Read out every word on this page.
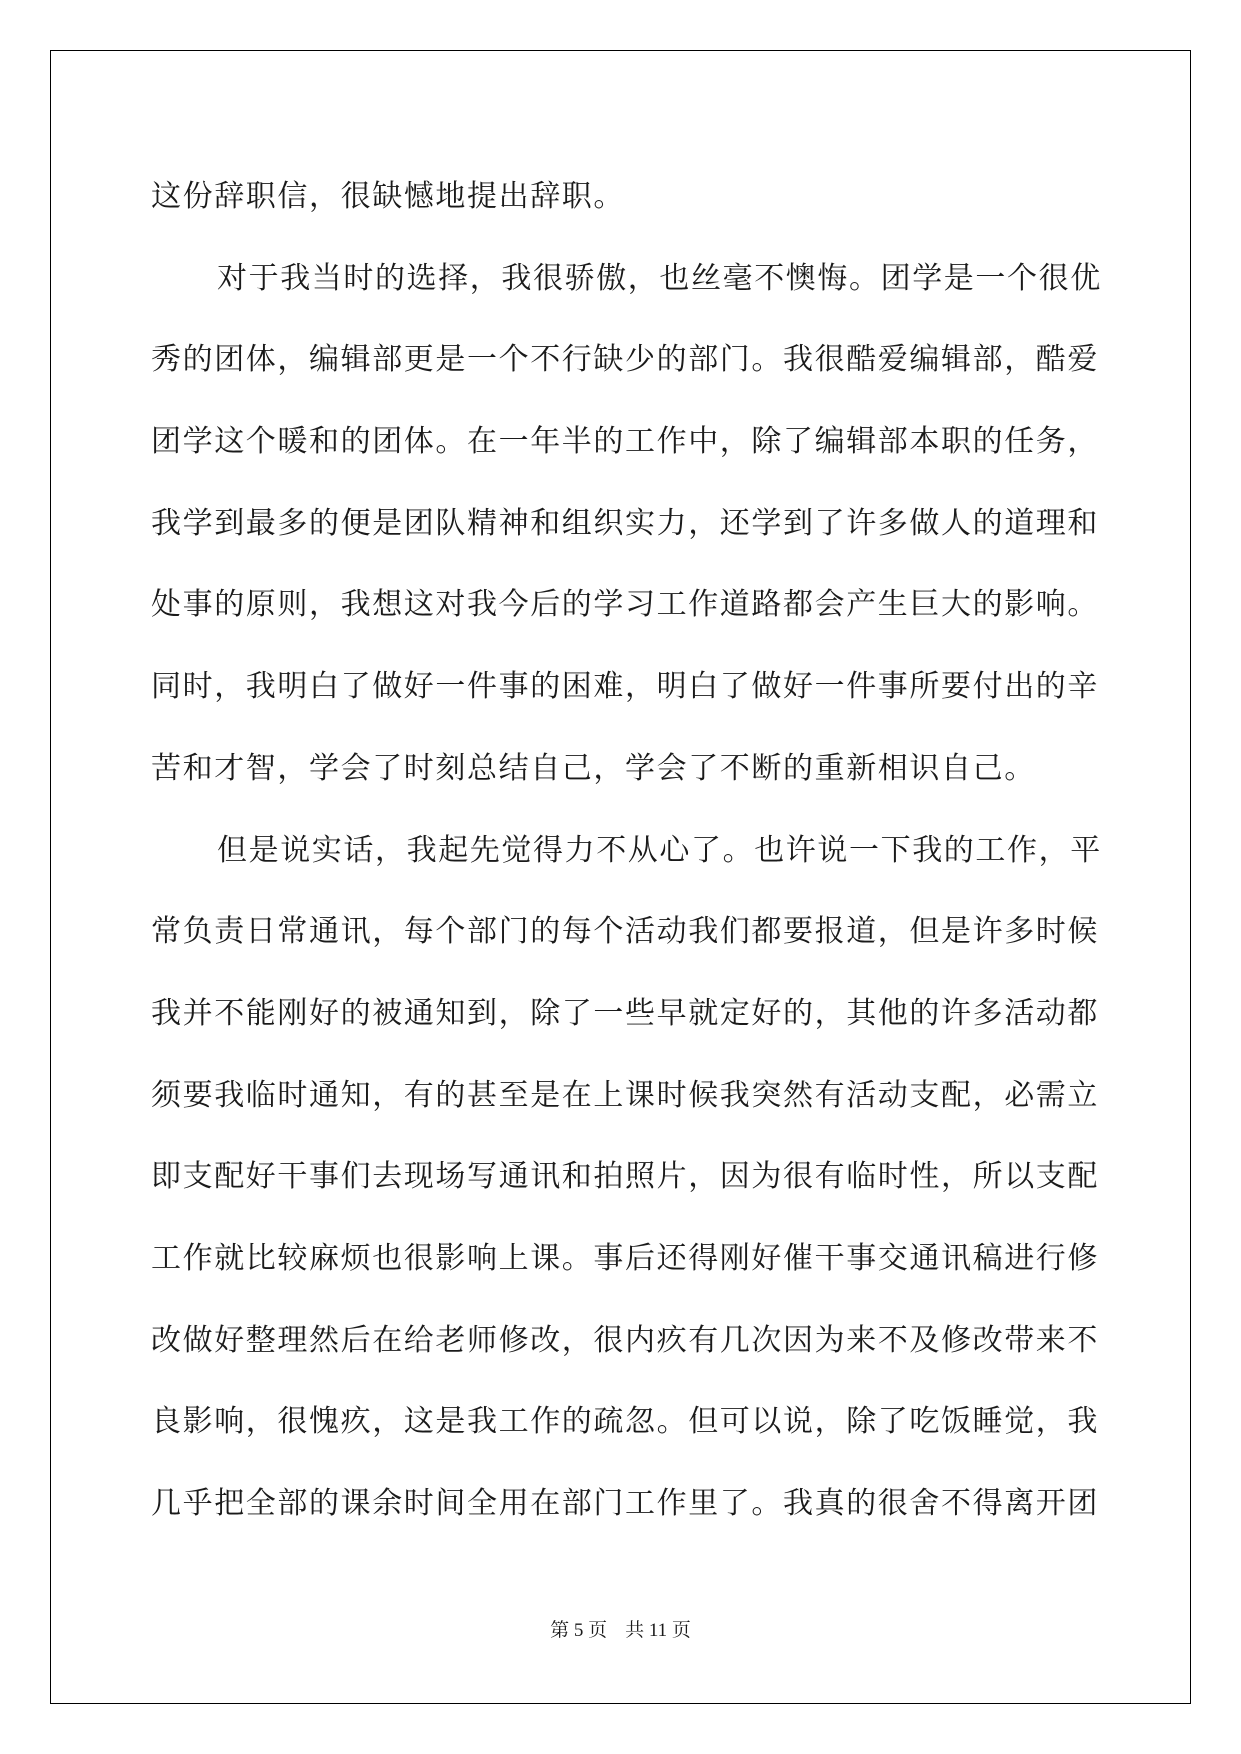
这份辞职信，很缺憾地提出辞职。
对于我当时的选择，我很骄傲，也丝毫不懊悔。团学是一个很优
秀的团体，编辑部更是一个不行缺少的部门。我很酷爱编辑部，酷爱
团学这个暖和的团体。在一年半的工作中，除了编辑部本职的任务，
我学到最多的便是团队精神和组织实力，还学到了许多做人的道理和
处事的原则，我想这对我今后的学习工作道路都会产生巨大的影响。
同时，我明白了做好一件事的困难，明白了做好一件事所要付出的辛
苦和才智，学会了时刻总结自己，学会了不断的重新相识自己。
但是说实话，我起先觉得力不从心了。也许说一下我的工作，平
常负责日常通讯，每个部门的每个活动我们都要报道，但是许多时候
我并不能刚好的被通知到，除了一些早就定好的，其他的许多活动都
须要我临时通知，有的甚至是在上课时候我突然有活动支配，必需立
即支配好干事们去现场写通讯和拍照片，因为很有临时性，所以支配
工作就比较麻烦也很影响上课。事后还得刚好催干事交通讯稿进行修
改做好整理然后在给老师修改，很内疚有几次因为来不及修改带来不
良影响，很愧疚，这是我工作的疏忽。但可以说，除了吃饭睡觉，我
几乎把全部的课余时间全用在部门工作里了。我真的很舍不得离开团
第 5 页 共 11 页
